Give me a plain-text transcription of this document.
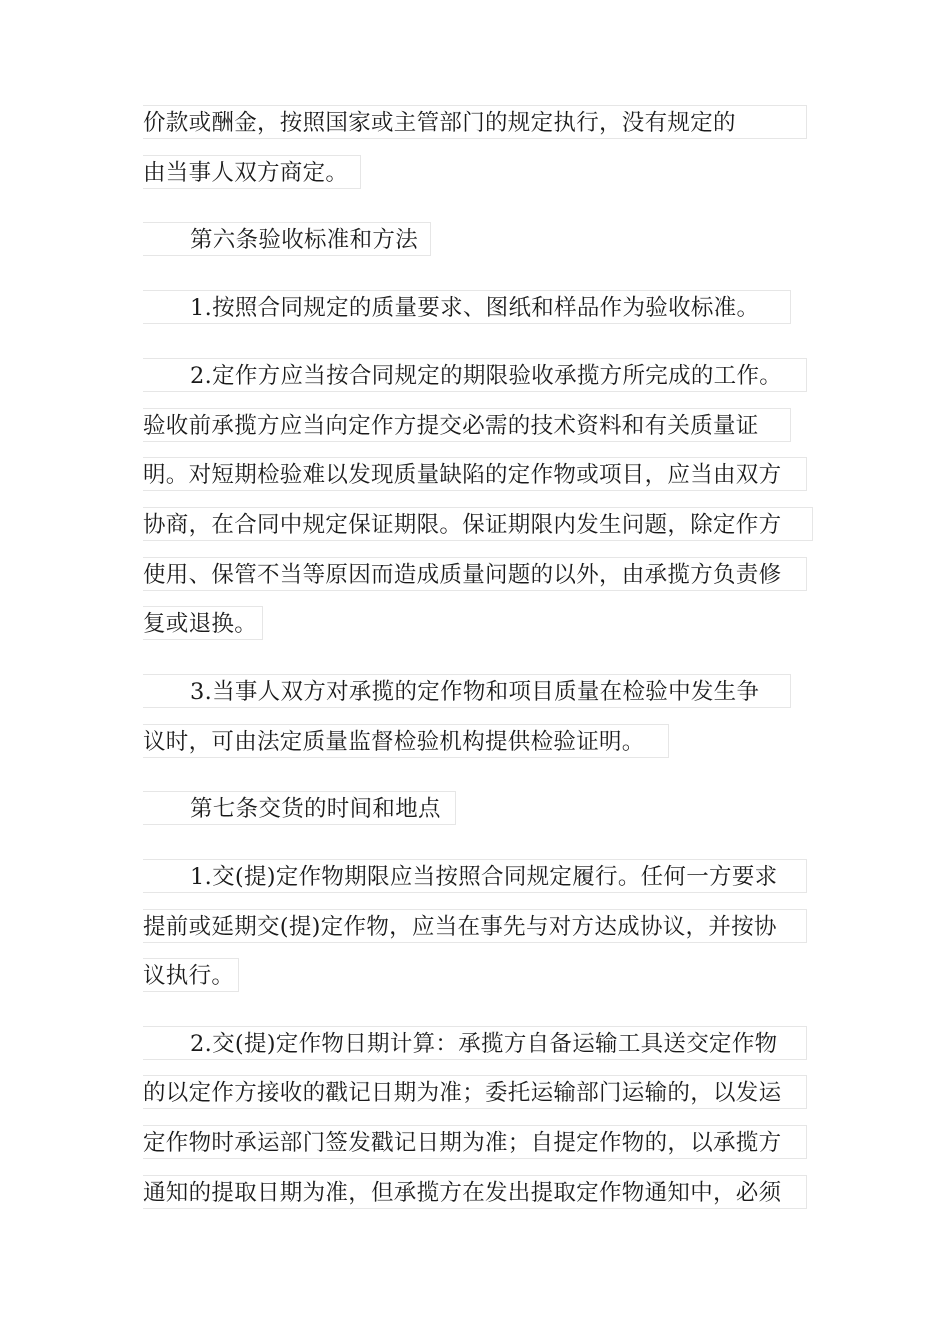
价款或酬金，按照国家或主管部门的规定执行，没有规定的
由当事人双方商定。
第六条验收标准和方法
1.按照合同规定的质量要求、图纸和样品作为验收标准。
2.定作方应当按合同规定的期限验收承揽方所完成的工作。
验收前承揽方应当向定作方提交必需的技术资料和有关质量证
明。对短期检验难以发现质量缺陷的定作物或项目，应当由双方
协商，在合同中规定保证期限。保证期限内发生问题，除定作方
使用、保管不当等原因而造成质量问题的以外，由承揽方负责修
复或退换。
3.当事人双方对承揽的定作物和项目质量在检验中发生争
议时，可由法定质量监督检验机构提供检验证明。
第七条交货的时间和地点
1.交(提)定作物期限应当按照合同规定履行。任何一方要求
提前或延期交(提)定作物，应当在事先与对方达成协议，并按协
议执行。
2.交(提)定作物日期计算：承揽方自备运输工具送交定作物
的以定作方接收的戳记日期为准；委托运输部门运输的，以发运
定作物时承运部门签发戳记日期为准；自提定作物的，以承揽方
通知的提取日期为准，但承揽方在发出提取定作物通知中，必须
